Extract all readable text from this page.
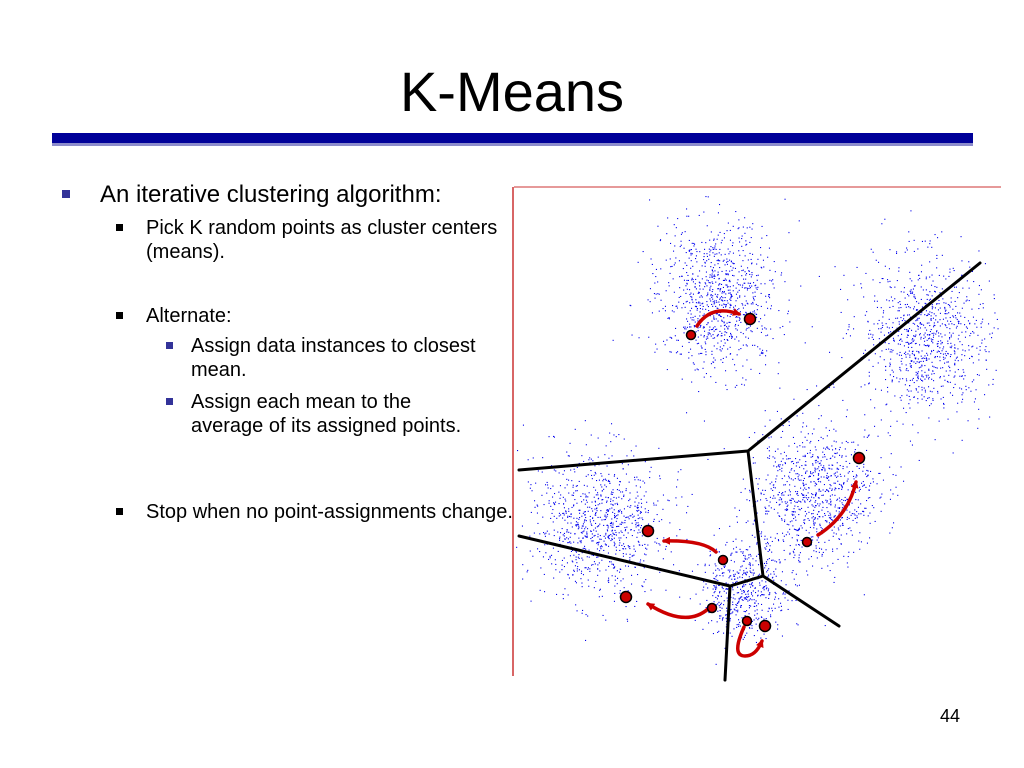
K-Means
An iterative clustering algorithm:
Pick K random points as cluster centers (means).
Alternate:
Assign data instances to closest mean.
Assign each mean to the average of its assigned points.
Stop when no point-assignments change.
44
